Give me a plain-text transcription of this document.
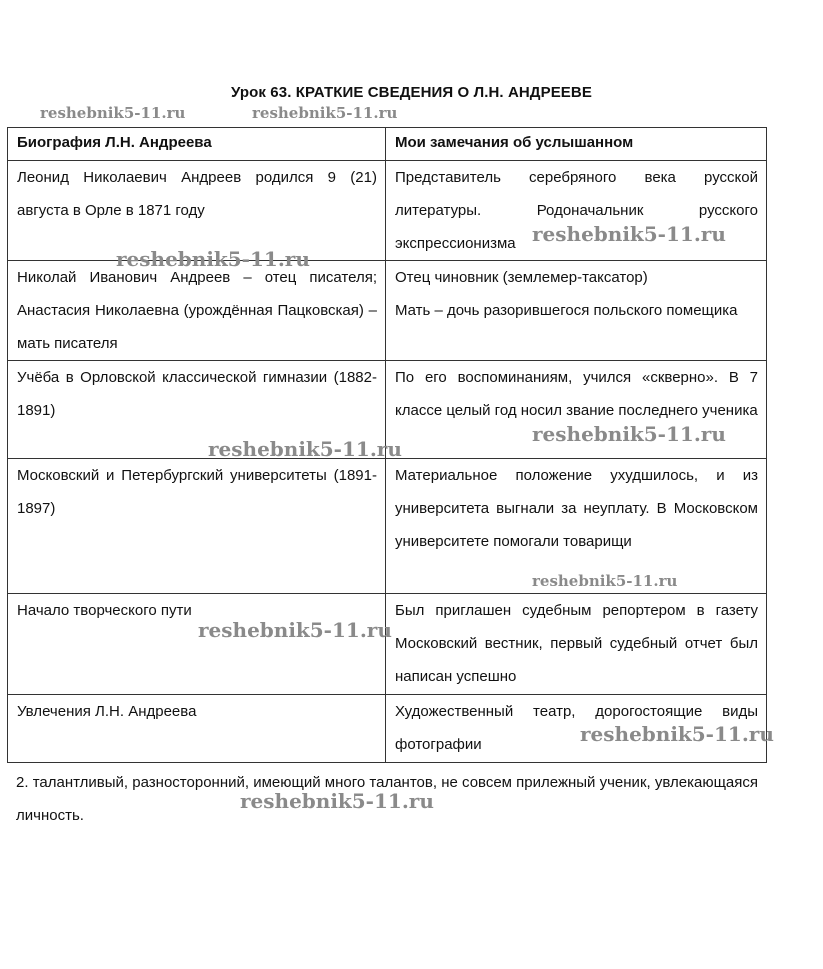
Урок 63. КРАТКИЕ СВЕДЕНИЯ О Л.Н. АНДРЕЕВЕ
Биография Л.Н. Андреева	Мои замечания об услышанном

Леонид Николаевич Андреев родился 9 (21) августа в Орле в 1871 году	Представитель серебряного века русской литературы. Родоначальник русского экспрессионизма

Николай Иванович Андреев – отец писателя; Анастасия Николаевна (урождённая Пацковская) – мать писателя	Отец чиновник (землемер-таксатор)
Мать – дочь разорившегося польского помещика

Учёба в Орловской классической гимназии (1882-1891)	По его воспоминаниям, учился «скверно». В 7 классе целый год носил звание последнего ученика

Московский и Петербургский университеты (1891-1897)	Материальное положение ухудшилось, и из университета выгнали за неуплату. В Московском университете помогали товарищи

Начало творческого пути	Был приглашен судебным репортером в газету Московский вестник, первый судебный отчет был написан успешно

Увлечения Л.Н. Андреева	Художественный театр, дорогостоящие виды фотографии
2. талантливый, разносторонний, имеющий много талантов, не совсем прилежный ученик, увлекающаяся личность.
reshebnik5-11.ru	reshebnik5-11.ru
reshebnik5-11.ru
reshebnik5-11.ru
reshebnik5-11.ru
reshebnik5-11.ru
reshebnik5-11.ru
reshebnik5-11.ru
reshebnik5-11.ru
reshebnik5-11.ru
